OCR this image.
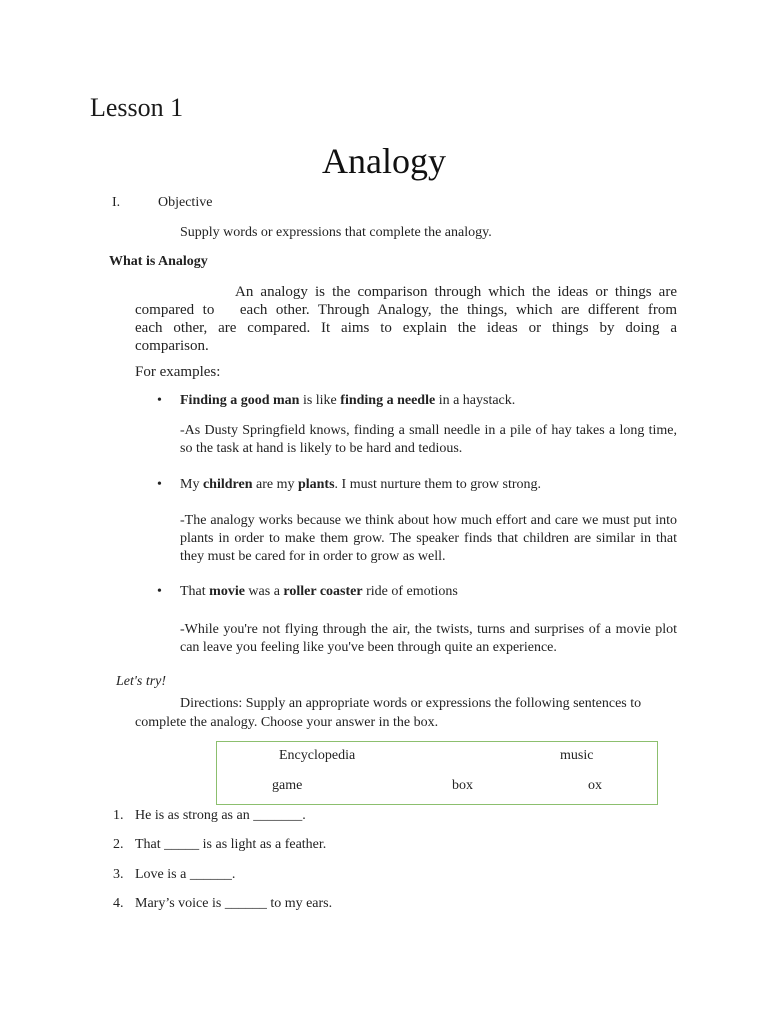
Lesson 1
Analogy
I.	Objective
Supply words or expressions that complete the analogy.
What is Analogy
An analogy is the comparison through which the ideas or things are
compared to   each other. Through Analogy, the things, which are different from
each other, are compared. It aims to explain the ideas or things by doing a
comparison.
For examples:
• Finding a good man is like finding a needle in a haystack.
-As Dusty Springfield knows, finding a small needle in a pile of hay takes a long time, so the task at hand is likely to be hard and tedious.
• My children are my plants. I must nurture them to grow strong.
-The analogy works because we think about how much effort and care we must put into plants in order to make them grow. The speaker finds that children are similar in that they must be cared for in order to grow as well.
• That movie was a roller coaster ride of emotions
-While you're not flying through the air, the twists, turns and surprises of a movie plot can leave you feeling like you've been through quite an experience.
Let's try!
Directions: Supply an appropriate words or expressions the following sentences to complete the analogy. Choose your answer in the box.
Encyclopedia	music
game	box	ox
1. He is as strong as an _______.
2. That _____ is as light as a feather.
3. Love is a ______.
4. Mary’s voice is ______ to my ears.
